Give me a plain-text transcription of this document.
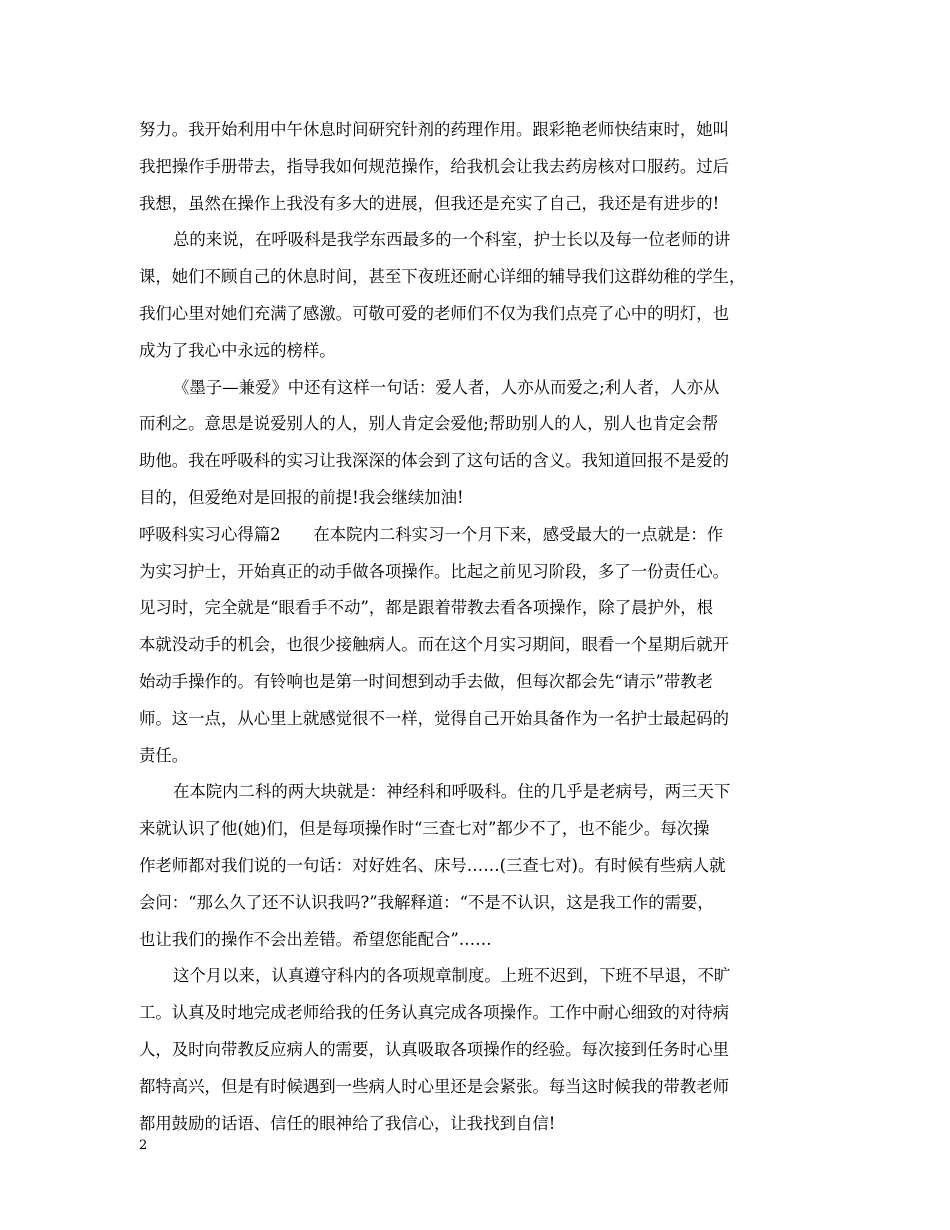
努力。我开始利用中午休息时间研究针剂的药理作用。跟彩艳老师快结束时，她叫
我把操作手册带去，指导我如何规范操作，给我机会让我去药房核对口服药。过后
我想，虽然在操作上我没有多大的进展，但我还是充实了自己，我还是有进步的!
总的来说，在呼吸科是我学东西最多的一个科室，护士长以及每一位老师的讲
课，她们不顾自己的休息时间，甚至下夜班还耐心详细的辅导我们这群幼稚的学生，
我们心里对她们充满了感激。可敬可爱的老师们不仅为我们点亮了心中的明灯，也
成为了我心中永远的榜样。
《墨子—兼爱》中还有这样一句话：爱人者，人亦从而爱之;利人者，人亦从
而利之。意思是说爱别人的人，别人肯定会爱他;帮助别人的人，别人也肯定会帮
助他。我在呼吸科的实习让我深深的体会到了这句话的含义。我知道回报不是爱的
目的，但爱绝对是回报的前提!我会继续加油!
呼吸科实习心得篇2　　在本院内二科实习一个月下来，感受最大的一点就是：作
为实习护士，开始真正的动手做各项操作。比起之前见习阶段，多了一份责任心。
见习时，完全就是“眼看手不动”，都是跟着带教去看各项操作，除了晨护外，根
本就没动手的机会，也很少接触病人。而在这个月实习期间，眼看一个星期后就开
始动手操作的。有铃响也是第一时间想到动手去做，但每次都会先“请示”带教老
师。这一点，从心里上就感觉很不一样，觉得自己开始具备作为一名护士最起码的
责任。
在本院内二科的两大块就是：神经科和呼吸科。住的几乎是老病号，两三天下
来就认识了他(她)们，但是每项操作时“三查七对”都少不了，也不能少。每次操
作老师都对我们说的一句话：对好姓名、床号……(三查七对)。有时候有些病人就
会问：“那么久了还不认识我吗?”我解释道：“不是不认识，这是我工作的需要，
也让我们的操作不会出差错。希望您能配合”……
这个月以来，认真遵守科内的各项规章制度。上班不迟到，下班不早退，不旷
工。认真及时地完成老师给我的任务认真完成各项操作。工作中耐心细致的对待病
人，及时向带教反应病人的需要，认真吸取各项操作的经验。每次接到任务时心里
都特高兴，但是有时候遇到一些病人时心里还是会紧张。每当这时候我的带教老师
都用鼓励的话语、信任的眼神给了我信心，让我找到自信!
2
